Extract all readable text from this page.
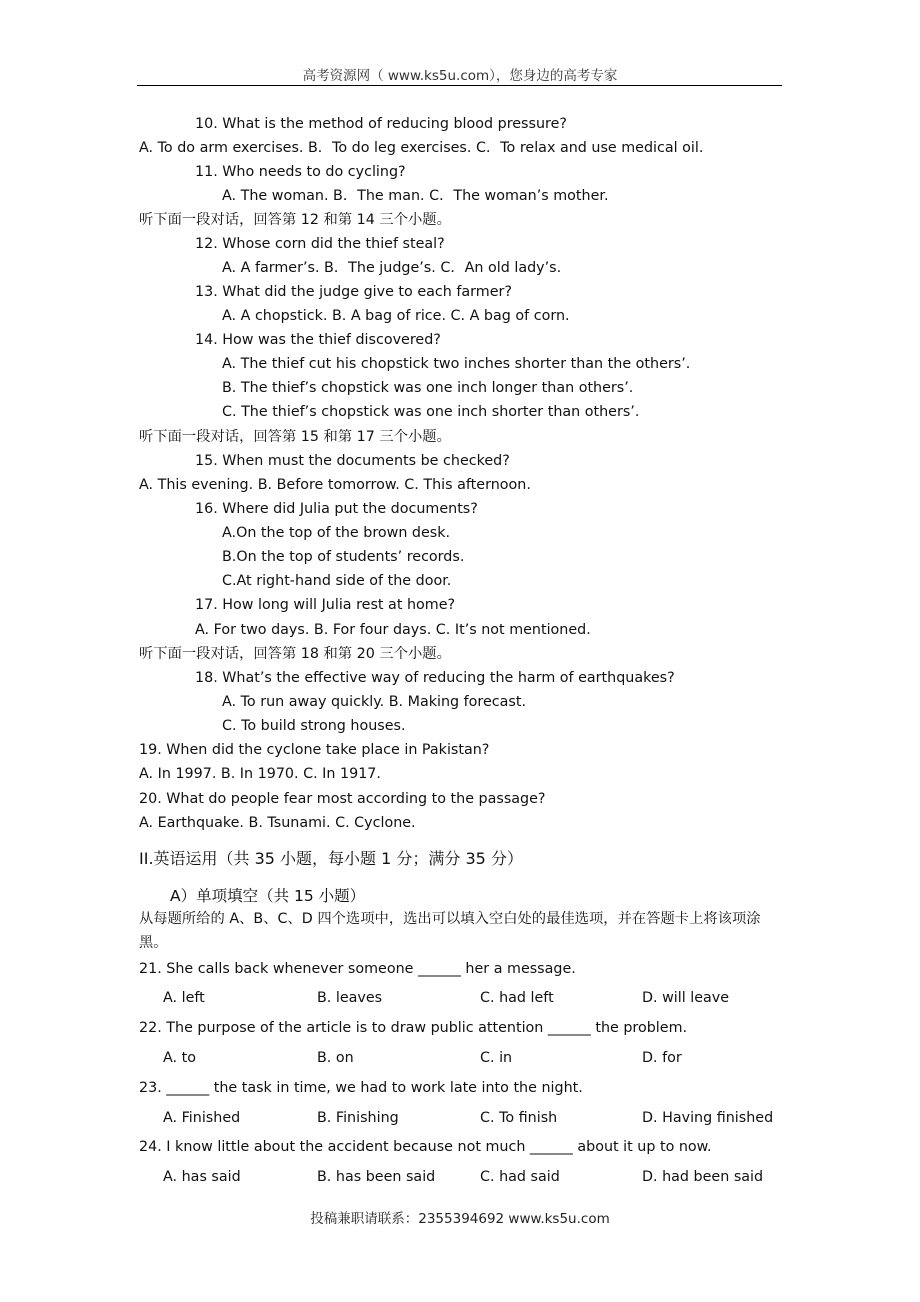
高考资源网（ www.ks5u.com），您身边的高考专家
10. What is the method of reducing blood pressure?
A. To do arm exercises. B．To do leg exercises. C．To relax and use medical oil.
11. Who needs to do cycling?
A. The woman. B．The man. C．The woman’s mother.
听下面一段对话，回答第 12 和第 14 三个小题。
12. Whose corn did the thief steal?
A. A farmer’s. B．The judge’s. C．An old lady’s.
13. What did the judge give to each farmer?
A. A chopstick. B. A bag of rice. C. A bag of corn.
14. How was the thief discovered?
A. The thief cut his chopstick two inches shorter than the others’.
B. The thief’s chopstick was one inch longer than others’.
C. The thief’s chopstick was one inch shorter than others’.
听下面一段对话，回答第 15 和第 17 三个小题。
15. When must the documents be checked?
A. This evening. B. Before tomorrow. C. This afternoon.
16. Where did Julia put the documents?
A.On the top of the brown desk.
B.On the top of students’ records.
C.At right-hand side of the door.
17. How long will Julia rest at home?
A. For two days. B. For four days. C. It’s not mentioned.
听下面一段对话，回答第 18 和第 20 三个小题。
18. What’s the effective way of reducing the harm of earthquakes?
A. To run away quickly. B. Making forecast.
C. To build strong houses.
19. When did the cyclone take place in Pakistan?
A. In 1997. B. In 1970. C. In 1917.
20. What do people fear most according to the passage?
A. Earthquake. B. Tsunami. C. Cyclone.
II.英语运用（共 35 小题，每小题 1 分；满分 35 分）
A）单项填空（共 15 小题）
从每题所给的 A、B、C、D 四个选项中，选出可以填入空白处的最佳选项，并在答题卡上将该项涂黑。
21. She calls back whenever someone ______ her a message.
A. left	B. leaves	C. had left	D. will leave
22. The purpose of the article is to draw public attention ______ the problem.
A. to	B. on	C. in	D. for
23. ______ the task in time, we had to work late into the night.
A. Finished	B. Finishing	C. To finish	D. Having finished
24. I know little about the accident because not much ______ about it up to now.
A. has said	B. has been said	C. had said	D. had been said
投稿兼职请联系：2355394692 www.ks5u.com
